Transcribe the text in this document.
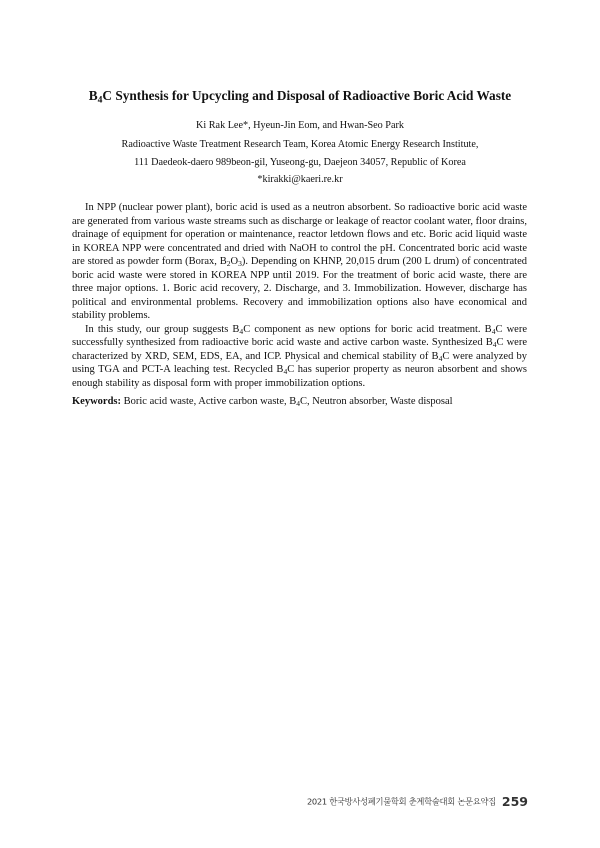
$B_4C$ Synthesis for Upcycling and Disposal of Radioactive Boric Acid Waste
Ki Rak Lee*, Hyeun-Jin Eom, and Hwan-Seo Park
Radioactive Waste Treatment Research Team, Korea Atomic Energy Research Institute,
111 Daedeok-daero 989beon-gil, Yuseong-gu, Daejeon 34057, Republic of Korea
*kirakki@kaeri.re.kr

In NPP (nuclear power plant), boric acid is used as a neutron absorbent. So radioactive boric acid waste are generated from various waste streams such as discharge or leakage of reactor coolant water, floor drains, drainage of equipment for operation or maintenance, reactor letdown flows and etc. Boric acid liquid waste in KOREA NPP were concentrated and dried with NaOH to control the pH. Concentrated boric acid waste are stored as powder form (Borax, $B_2O_3$). Depending on KHNP, 20,015 drum (200 L drum) of concentrated boric acid waste were stored in KOREA NPP until 2019. For the treatment of boric acid waste, there are three major options. 1. Boric acid recovery, 2. Discharge, and 3. Immobilization. However, discharge has political and environmental problems. Recovery and immobilization options also have economical and stability problems.

In this study, our group suggests $B_4C$ component as new options for boric acid treatment. $B_4C$ were successfully synthesized from radioactive boric acid waste and active carbon waste. Synthesized $B_4C$ were characterized by XRD, SEM, EDS, EA, and ICP. Physical and chemical stability of $B_4C$ were analyzed by using TGA and PCT-A leaching test. Recycled $B_4C$ has superior property as neuron absorbent and shows enough stability as disposal form with proper immobilization options.

Keywords: Boric acid waste, Active carbon waste, $B_4C$, Neutron absorber, Waste disposal

2021 한국방사성폐기물학회 춘계학술대회 논문요약집 259
